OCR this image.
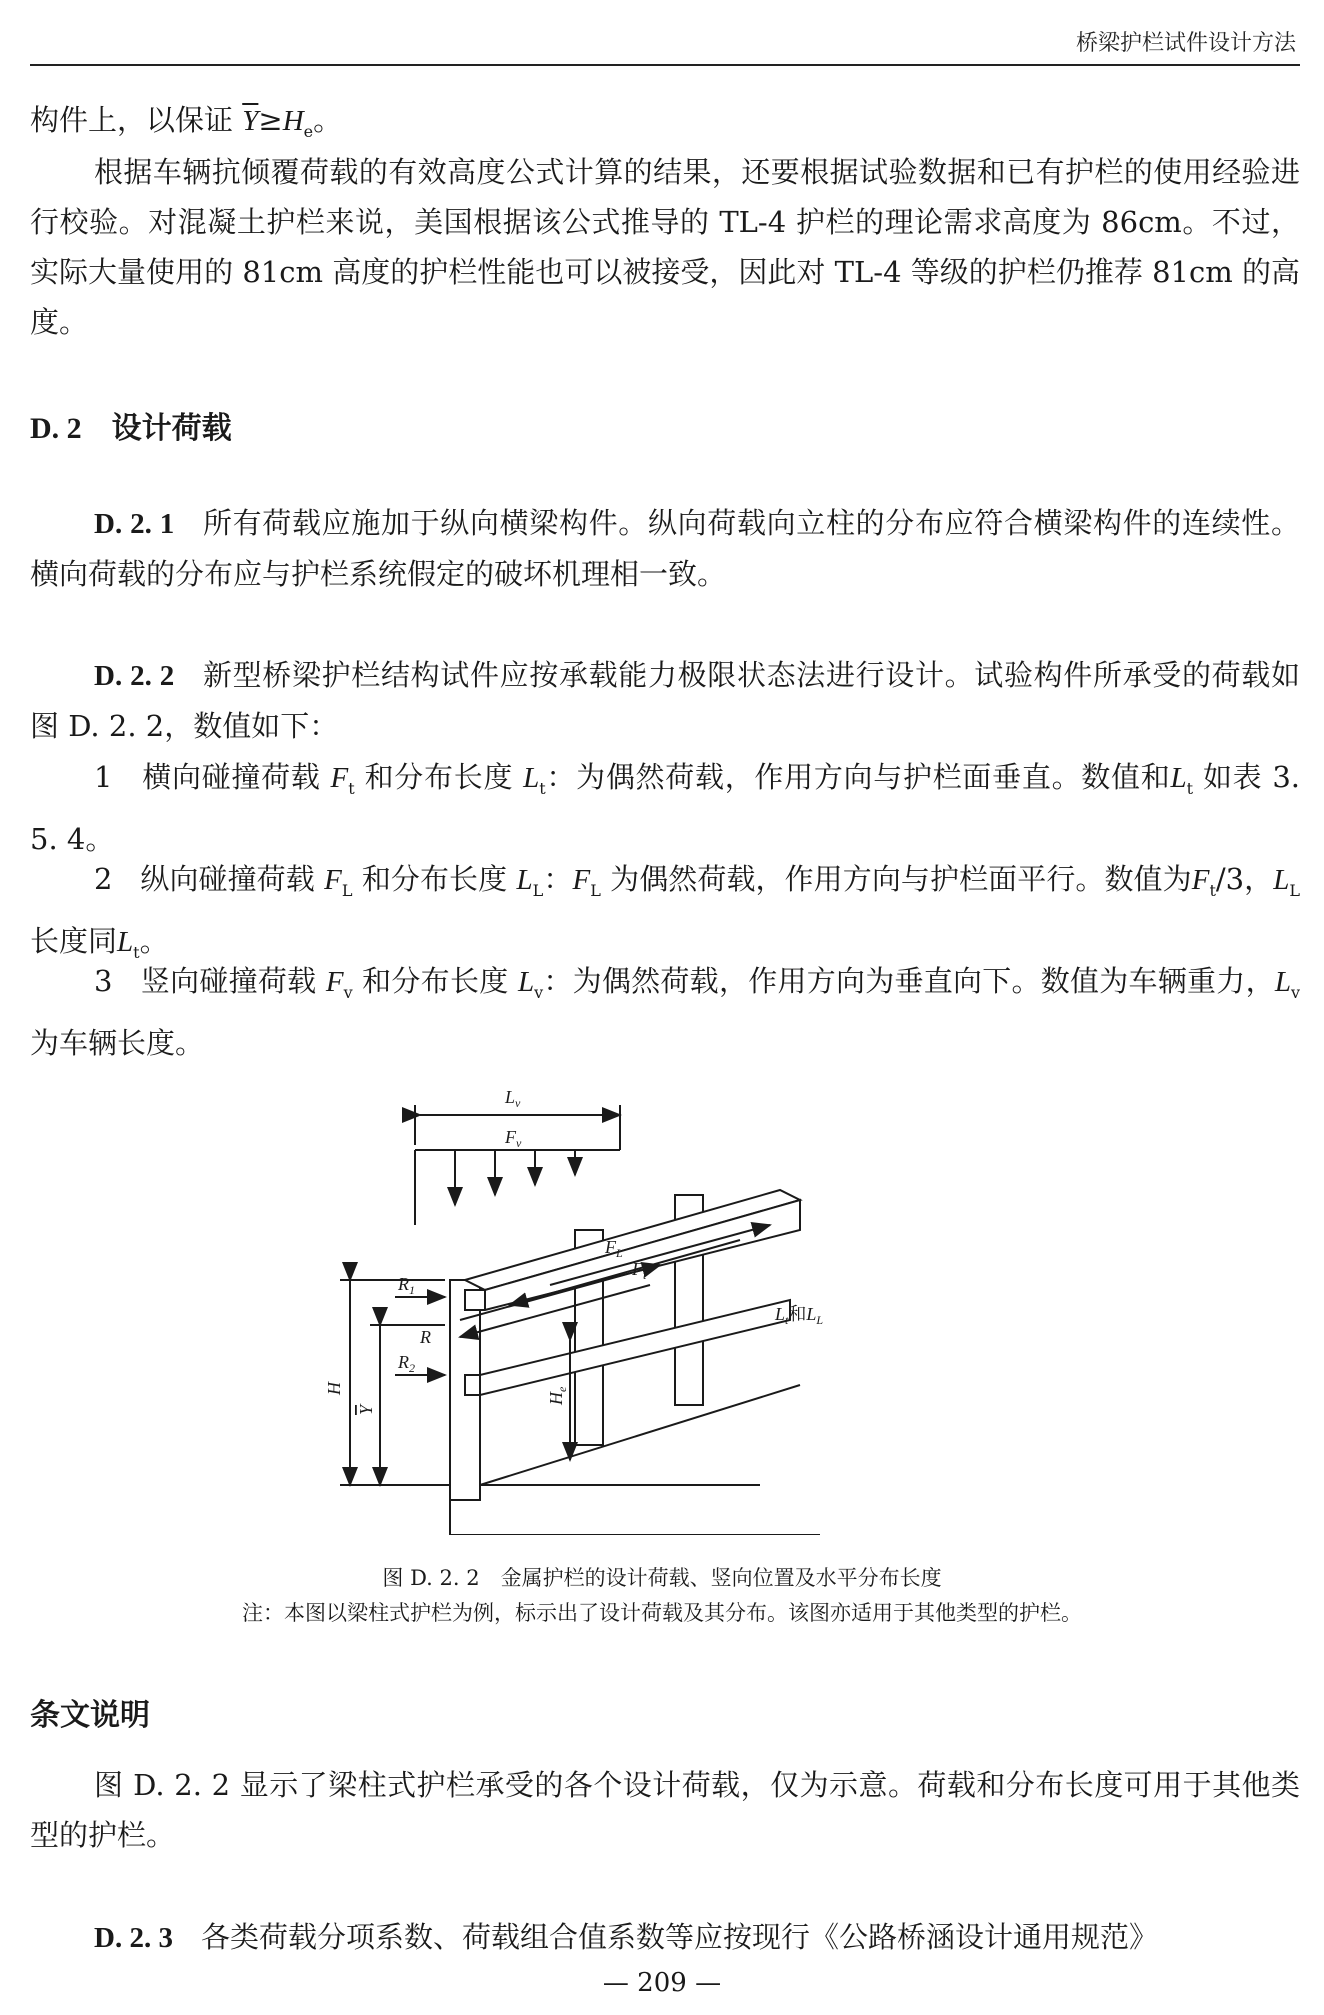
桥梁护栏试件设计方法

构件上，以保证 $\overline{Y}\ge H_e$。

根据车辆抗倾覆荷载的有效高度公式计算的结果，还要根据试验数据和已有护栏的使用经验进行校验。对混凝土护栏来说，美国根据该公式推导的 TL-4 护栏的理论需求高度为 86cm。不过，实际大量使用的 81cm 高度的护栏性能也可以被接受，因此对 TL-4 等级的护栏仍推荐 81cm 的高度。

D. 2 设计荷载

D. 2. 1 所有荷载应施加于纵向横梁构件。纵向荷载向立柱的分布应符合横梁构件的连续性。横向荷载的分布应与护栏系统假定的破坏机理相一致。

D. 2. 2 新型桥梁护栏结构试件应按承载能力极限状态法进行设计。试验构件所承受的荷载如图 D. 2. 2，数值如下：

1 横向碰撞荷载 $F_t$ 和分布长度 $L_t$：为偶然荷载，作用方向与护栏面垂直。数值和$L_t$ 如表 3. 5. 4。

2 纵向碰撞荷载 $F_L$ 和分布长度 $L_L$：$F_L$ 为偶然荷载，作用方向与护栏面平行。数值为$F_t/3$，$L_L$ 长度同$L_t$。

3 竖向碰撞荷载 $F_v$ 和分布长度 $L_v$：为偶然荷载，作用方向为垂直向下。数值为车辆重力，$L_v$ 为车辆长度。

$L_v$
$F_v$
$F_L$
$F_t$
$L_t$和$L_L$
$R_1$
R
$R_2$
H
Y
$H_e$
图 D. 2. 2　金属护栏的设计荷载、竖向位置及水平分布长度
注：本图以梁柱式护栏为例，标示出了设计荷载及其分布。该图亦适用于其他类型的护栏。
条文说明

图 D. 2. 2 显示了梁柱式护栏承受的各个设计荷载，仅为示意。荷载和分布长度可用于其他类型的护栏。

D. 2. 3 各类荷载分项系数、荷载组合值系数等应按现行《公路桥涵设计通用规范》

— 209 —
